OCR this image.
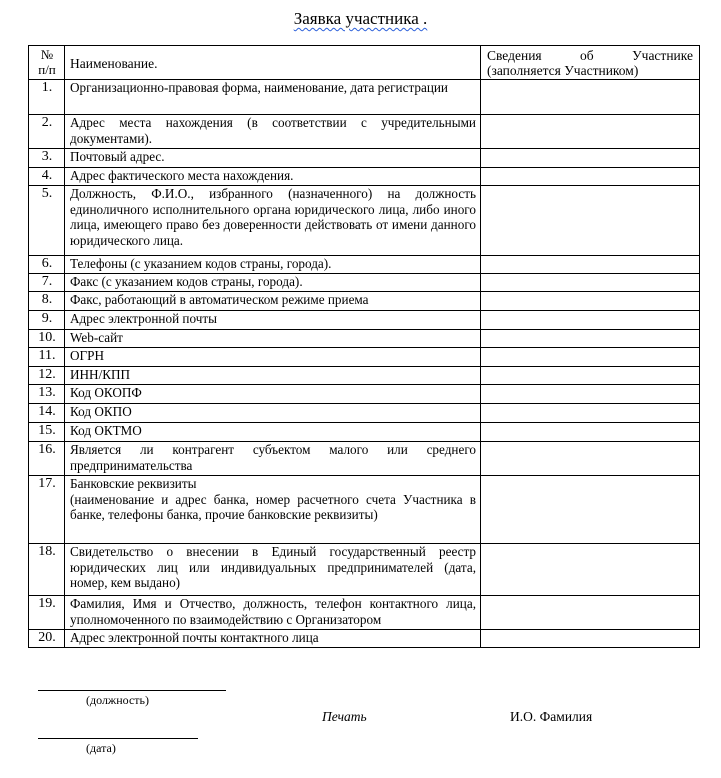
Заявка участника .
№ п/п	Наименование.	Сведения об Участнике (заполняется Участником)
1.	Организационно-правовая форма, наименование, дата регистрации	
2.	Адрес места нахождения (в соответствии с учредительными документами).	
3.	Почтовый адрес.	
4.	Адрес фактического места нахождения.	
5.	Должность, Ф.И.О., избранного (назначенного) на должность единоличного исполнительного органа юридического лица, либо иного лица, имеющего право без доверенности действовать от имени данного юридического лица.	
6.	Телефоны (с указанием кодов страны, города).	
7.	Факс (с указанием кодов страны, города).	
8.	Факс, работающий в автоматическом режиме приема	
9.	Адрес электронной почты	
10.	Web-сайт	
11.	ОГРН	
12.	ИНН/КПП	
13.	Код ОКОПФ	
14.	Код ОКПО	
15.	Код ОКТМО	
16.	Является ли контрагент субъектом малого или среднего предпринимательства	
17.	Банковские реквизиты
(наименование и адрес банка, номер расчетного счета Участника в банке, телефоны банка, прочие банковские реквизиты)	

18.	Свидетельство о внесении в Единый государственный реестр юридических лиц или индивидуальных предпринимателей (дата, номер, кем выдано)	
19.	Фамилия, Имя и Отчество, должность, телефон контактного лица, уполномоченного по взаимодействию с Организатором	
20.	Адрес электронной почты контактного лица	
(должность)
Печать	И.О. Фамилия
(дата)
